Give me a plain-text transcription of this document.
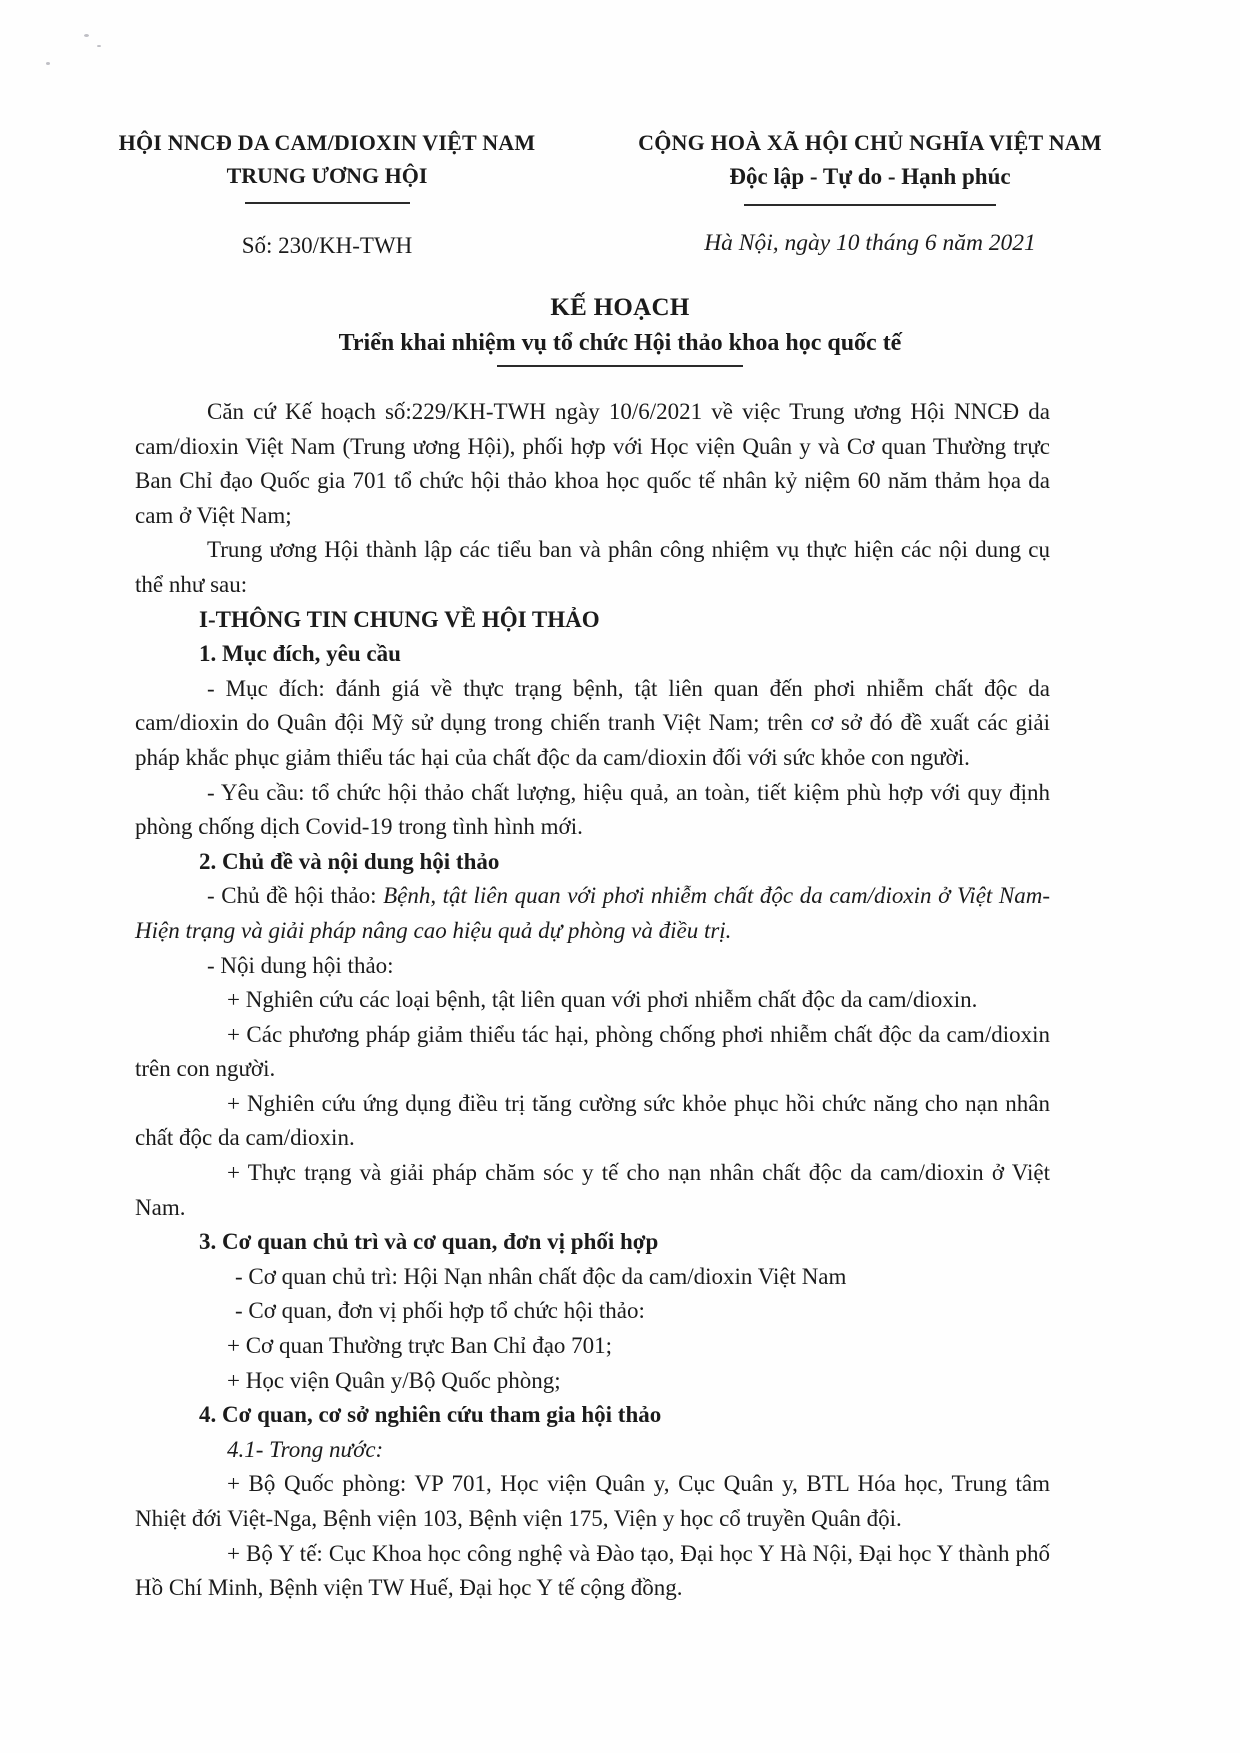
HỘI NNCĐ DA CAM/DIOXIN VIỆT NAM
TRUNG ƯƠNG HỘI
Số: 230/KH-TWH
CỘNG HOÀ XÃ HỘI CHỦ NGHĨA VIỆT NAM
Độc lập - Tự do - Hạnh phúc
Hà Nội, ngày 10 tháng 6 năm 2021
KẾ HOẠCH
Triển khai nhiệm vụ tổ chức Hội thảo khoa học quốc tế

Căn cứ Kế hoạch số:229/KH-TWH ngày 10/6/2021 về việc Trung ương Hội NNCĐ da cam/dioxin Việt Nam (Trung ương Hội), phối hợp với Học viện Quân y và Cơ quan Thường trực Ban Chỉ đạo Quốc gia 701 tổ chức hội thảo khoa học quốc tế nhân kỷ niệm 60 năm thảm họa da cam ở Việt Nam;

Trung ương Hội thành lập các tiểu ban và phân công nhiệm vụ thực hiện các nội dung cụ thể như sau:

I-THÔNG TIN CHUNG VỀ HỘI THẢO

1. Mục đích, yêu cầu

- Mục đích: đánh giá về thực trạng bệnh, tật liên quan đến phơi nhiễm chất độc da cam/dioxin do Quân đội Mỹ sử dụng trong chiến tranh Việt Nam; trên cơ sở đó đề xuất các giải pháp khắc phục giảm thiểu tác hại của chất độc da cam/dioxin đối với sức khỏe con người.

- Yêu cầu: tổ chức hội thảo chất lượng, hiệu quả, an toàn, tiết kiệm phù hợp với quy định phòng chống dịch Covid-19 trong tình hình mới.

2. Chủ đề và nội dung hội thảo

- Chủ đề hội thảo: Bệnh, tật liên quan với phơi nhiễm chất độc da cam/dioxin ở Việt Nam- Hiện trạng và giải pháp nâng cao hiệu quả dự phòng và điều trị.

- Nội dung hội thảo:

+ Nghiên cứu các loại bệnh, tật liên quan với phơi nhiễm chất độc da cam/dioxin.

+ Các phương pháp giảm thiểu tác hại, phòng chống phơi nhiễm chất độc da cam/dioxin trên con người.

+ Nghiên cứu ứng dụng điều trị tăng cường sức khỏe phục hồi chức năng cho nạn nhân chất độc da cam/dioxin.

+ Thực trạng và giải pháp chăm sóc y tế cho nạn nhân chất độc da cam/dioxin ở Việt Nam.

3. Cơ quan chủ trì và cơ quan, đơn vị phối hợp

- Cơ quan chủ trì: Hội Nạn nhân chất độc da cam/dioxin Việt Nam

- Cơ quan, đơn vị phối hợp tổ chức hội thảo:

+ Cơ quan Thường trực Ban Chỉ đạo 701;

+ Học viện Quân y/Bộ Quốc phòng;

4. Cơ quan, cơ sở nghiên cứu tham gia hội thảo

4.1- Trong nước:

+ Bộ Quốc phòng: VP 701, Học viện Quân y, Cục Quân y, BTL Hóa học, Trung tâm Nhiệt đới Việt-Nga, Bệnh viện 103, Bệnh viện 175, Viện y học cổ truyền Quân đội.

+ Bộ Y tế: Cục Khoa học công nghệ và Đào tạo, Đại học Y Hà Nội, Đại học Y thành phố Hồ Chí Minh, Bệnh viện TW Huế, Đại học Y tế cộng đồng.
